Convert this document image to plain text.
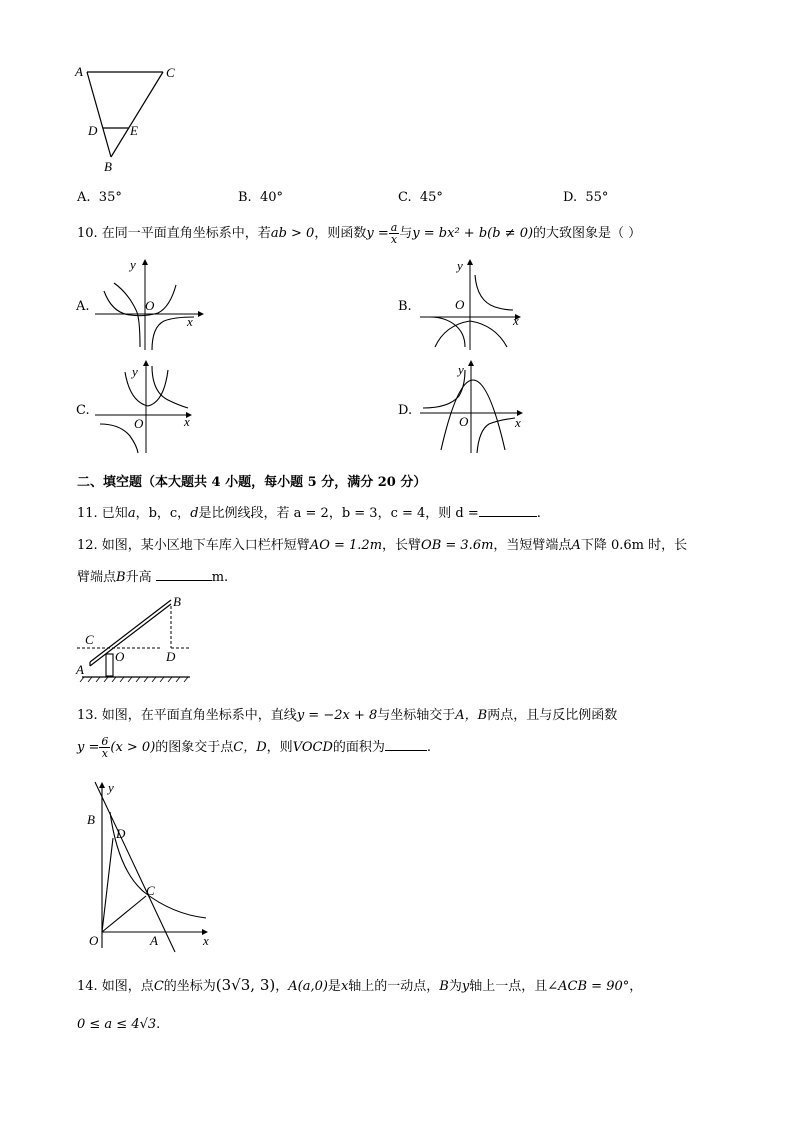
A	C
D	E
B
A. 35°	B. 40°	C. 45°	D. 55°
10. 在同一平面直角坐标系中，若ab > 0，则函数$y = \frac{a}{x}$ 与y = bx² + b(b ≠ 0)的大致图象是（ ）
A.
y
O
x
B.
y
O
x
C.
y
O	x
D.
y
O	x
二、填空题（本大题共 4 小题，每小题 5 分，满分 20 分）
11. 已知a，b，c，d是比例线段，若 a = 2，b = 3，c = 4，则 d =	.
12. 如图，某小区地下车库入口栏杆短臂AO = 1.2m，长臂OB = 3.6m，当短臂端点A下降 0.6m 时，长
臂端点B升高	m.
B
C
O	D
A
13. 如图，在平面直角坐标系中，直线y = −2x + 8与坐标轴交于A，B两点，且与反比例函数
$y = \frac{6}{x} (x > 0)$的图象交于点C，D，则VOCD的面积为	.
y
B
D
C
O	A	x
14. 如图，点C的坐标为(3√3, 3)，A(a,0)是x轴上的一动点，B为y轴上一点，且∠ACB = 90°，
0 ≤ a ≤ 4√3.
